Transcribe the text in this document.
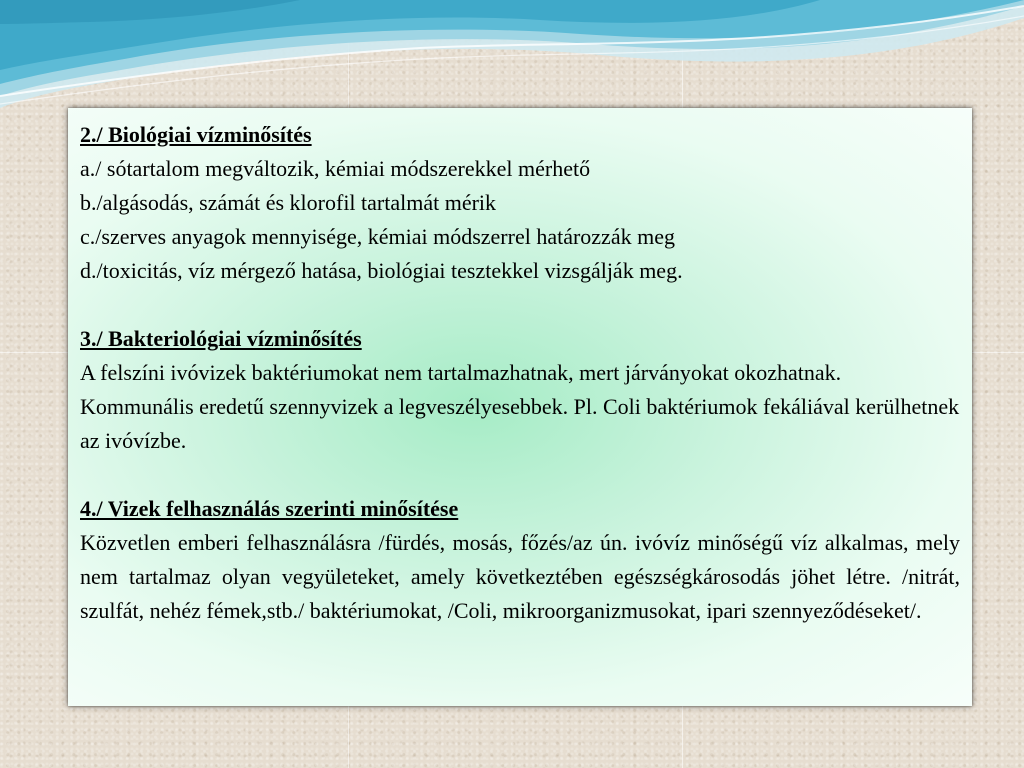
2./ Biológiai vízminősítés

a./ sótartalom megváltozik, kémiai módszerekkel mérhető

b./algásodás, számát és klorofil tartalmát mérik

c./szerves anyagok mennyisége, kémiai módszerrel határozzák meg

d./toxicitás, víz mérgező hatása, biológiai tesztekkel vizsgálják meg.

3./ Bakteriológiai vízminősítés

A felszíni ivóvizek baktériumokat nem tartalmazhatnak, mert járványokat okozhatnak. Kommunális eredetű szennyvizek a legveszélyesebbek. Pl. Coli baktériumok fekáliával kerülhetnek az ivóvízbe.

4./ Vizek felhasználás szerinti minősítése

Közvetlen emberi felhasználásra /fürdés, mosás, főzés/az ún. ivóvíz minőségű víz alkalmas, mely nem tartalmaz olyan vegyületeket, amely következtében egészségkárosodás jöhet létre. /nitrát, szulfát, nehéz fémek,stb./ baktériumokat, /Coli, mikroorganizmusokat, ipari szennyeződéseket/.
